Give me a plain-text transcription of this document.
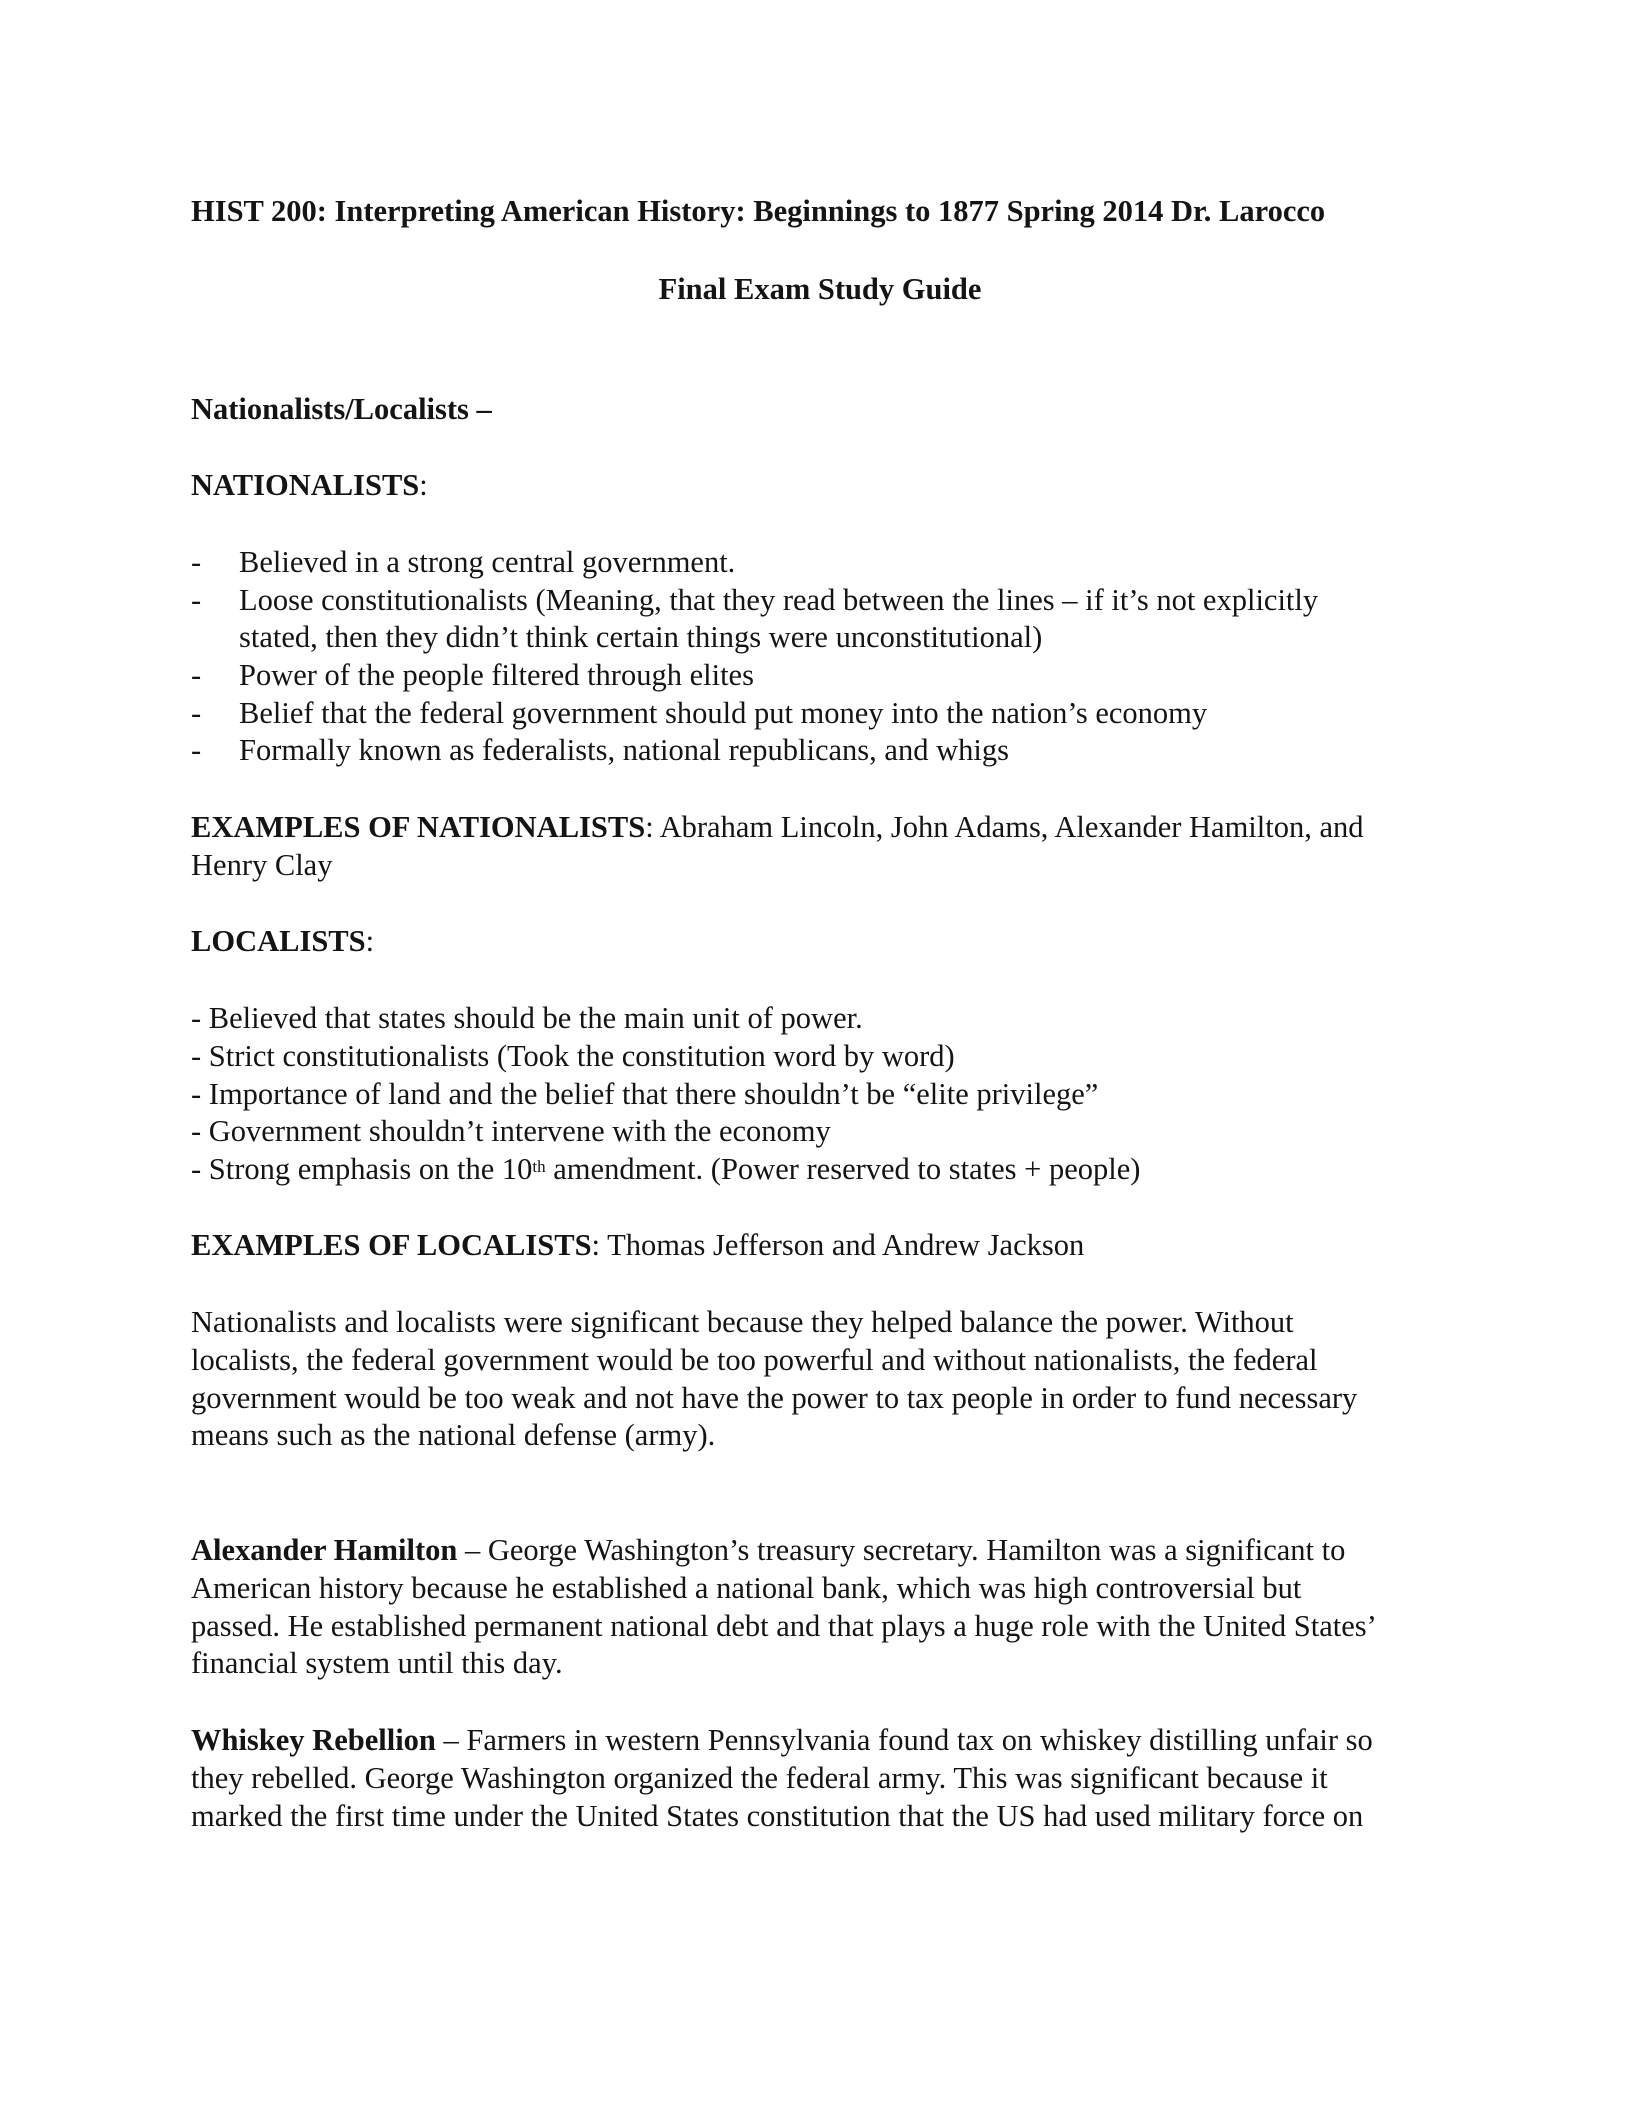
HIST 200: Interpreting American History: Beginnings to 1877 Spring 2014 Dr. Larocco
Final Exam Study Guide
Nationalists/Localists –
NATIONALISTS:
- Believed in a strong central government.
- Loose constitutionalists (Meaning, that they read between the lines – if it’s not explicitly
stated, then they didn’t think certain things were unconstitutional)
- Power of the people filtered through elites
- Belief that the federal government should put money into the nation’s economy
- Formally known as federalists, national republicans, and whigs
EXAMPLES OF NATIONALISTS: Abraham Lincoln, John Adams, Alexander Hamilton, and
Henry Clay
LOCALISTS:
- Believed that states should be the main unit of power.
- Strict constitutionalists (Took the constitution word by word)
- Importance of land and the belief that there shouldn’t be “elite privilege”
- Government shouldn’t intervene with the economy
- Strong emphasis on the 10th amendment. (Power reserved to states + people)
EXAMPLES OF LOCALISTS: Thomas Jefferson and Andrew Jackson
Nationalists and localists were significant because they helped balance the power. Without
localists, the federal government would be too powerful and without nationalists, the federal
government would be too weak and not have the power to tax people in order to fund necessary
means such as the national defense (army).
Alexander Hamilton – George Washington’s treasury secretary. Hamilton was a significant to
American history because he established a national bank, which was high controversial but
passed. He established permanent national debt and that plays a huge role with the United States’
financial system until this day.
Whiskey Rebellion – Farmers in western Pennsylvania found tax on whiskey distilling unfair so
they rebelled. George Washington organized the federal army. This was significant because it
marked the first time under the United States constitution that the US had used military force on
